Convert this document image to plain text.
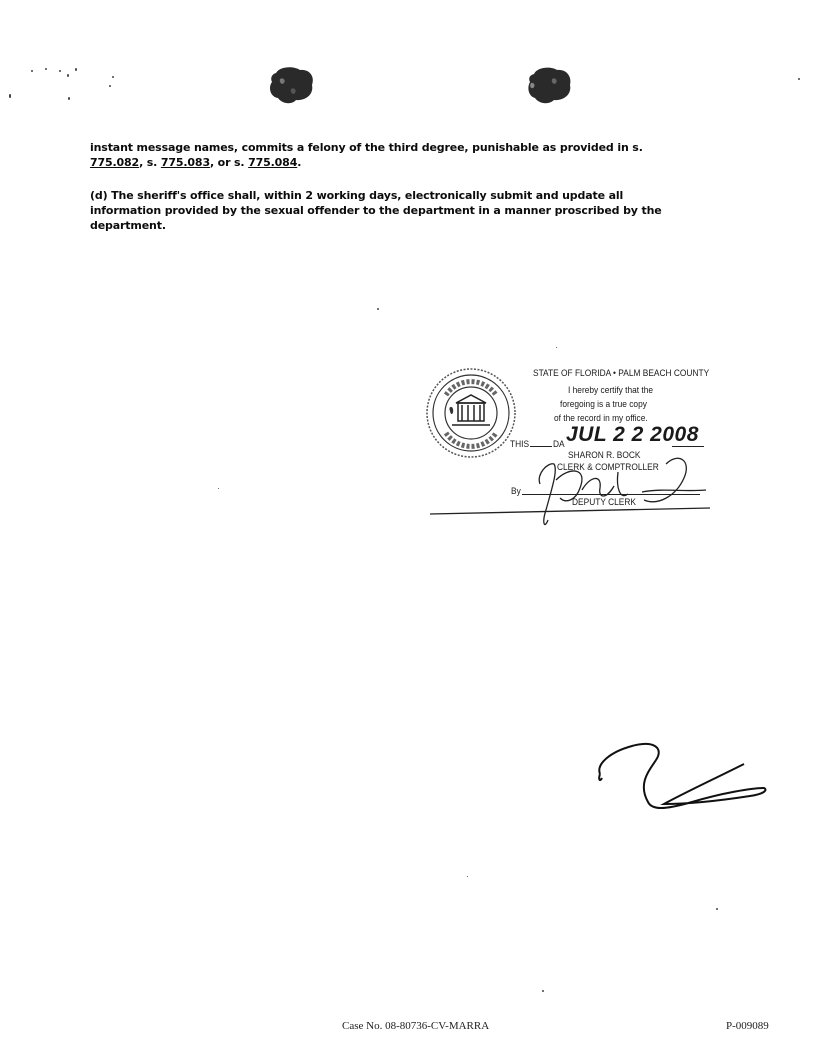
instant message names, commits a felony of the third degree, punishable as provided in s.
775.082, s. 775.083, or s. 775.084.
(d) The sheriff's office shall, within 2 working days, electronically submit and update all
information provided by the sexual offender to the department in a manner proscribed by the
department.
STATE OF FLORIDA • PALM BEACH COUNTY
I hereby certify that the
foregoing is a true copy
of the record in my office.
THIS	DA JUL 2 2 2008
SHARON R. BOCK
CLERK & COMPTROLLER
By
DEPUTY CLERK
Case No. 08-80736-CV-MARRA	P-009089
